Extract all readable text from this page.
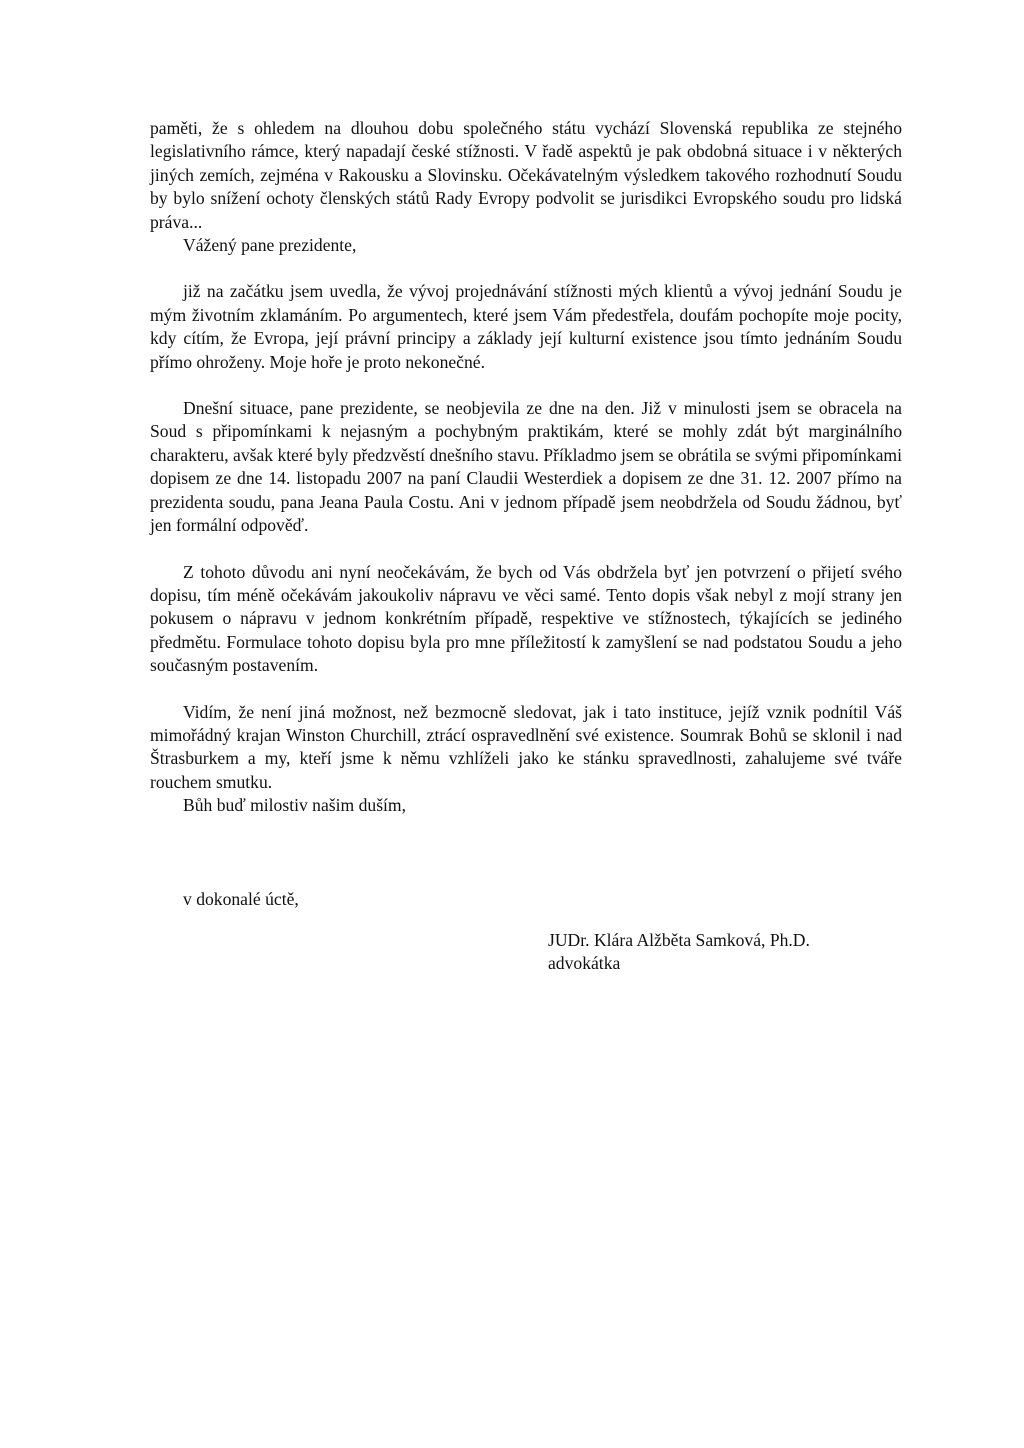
paměti, že s ohledem na dlouhou dobu společného státu vychází Slovenská republika ze stejného legislativního rámce, který napadají české stížnosti. V řadě aspektů je pak obdobná situace i v některých jiných zemích, zejména v Rakousku a Slovinsku. Očekávatelným výsledkem takového rozhodnutí Soudu by bylo snížení ochoty členských států Rady Evropy podvolit se jurisdikci Evropského soudu pro lidská práva...

Vážený pane prezidente,

již na začátku jsem uvedla, že vývoj projednávání stížnosti mých klientů a vývoj jednání Soudu je mým životním zklamáním. Po argumentech, které jsem Vám předestřela, doufám pochopíte moje pocity, kdy cítím, že Evropa, její právní principy a základy její kulturní existence jsou tímto jednáním Soudu přímo ohroženy. Moje hoře je proto nekonečné.

Dnešní situace, pane prezidente, se neobjevila ze dne na den. Již v minulosti jsem se obracela na Soud s připomínkami k nejasným a pochybným praktikám, které se mohly zdát být marginálního charakteru, avšak které byly předzvěstí dnešního stavu. Příkladmo jsem se obrátila se svými připomínkami dopisem ze dne 14. listopadu 2007 na paní Claudii Westerdiek a dopisem ze dne 31. 12. 2007 přímo na prezidenta soudu, pana Jeana Paula Costu. Ani v jednom případě jsem neobdržela od Soudu žádnou, byť jen formální odpověď.

Z tohoto důvodu ani nyní neočekávám, že bych od Vás obdržela byť jen potvrzení o přijetí svého dopisu, tím méně očekávám jakoukoliv nápravu ve věci samé. Tento dopis však nebyl z mojí strany jen pokusem o nápravu v jednom konkrétním případě, respektive ve stížnostech, týkajících se jediného předmětu. Formulace tohoto dopisu byla pro mne příležitostí k zamyšlení se nad podstatou Soudu a jeho současným postavením.

Vidím, že není jiná možnost, než bezmocně sledovat, jak i tato instituce, jejíž vznik podnítil Váš mimořádný krajan Winston Churchill, ztrácí ospravedlnění své existence. Soumrak Bohů se sklonil i nad Štrasburkem a my, kteří jsme k němu vzhlíželi jako ke stánku spravedlnosti, zahalujeme své tváře rouchem smutku.

Bůh buď milostiv našim duším,

v dokonalé úctě,

JUDr. Klára Alžběta Samková, Ph.D.
advokátka
